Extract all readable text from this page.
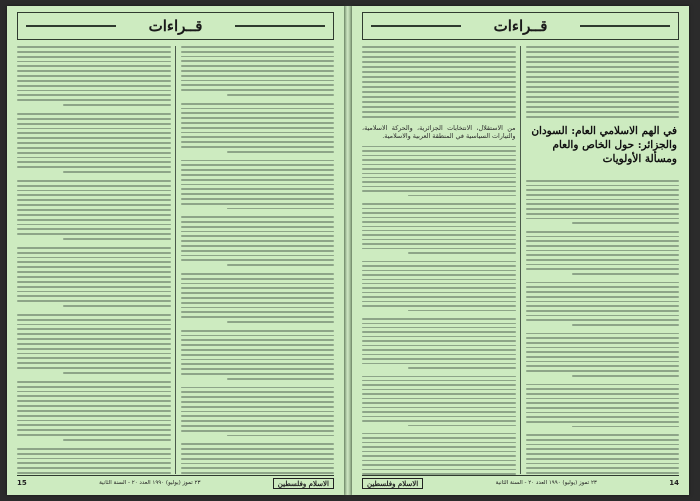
قــراءات
15	٢٣ تموز (يوليو) ١٩٩٠ العدد ٢٠ - السنة الثانية	الاسلام وفلسطين
قــراءات
في الهم الاسلامي العام: السودان والجزائر: حول الخاص والعام ومسألة الأولويات

من الاستقلال، الانتخابات الجزائرية، والحركة الاسلامية، والتيارات السياسية في المنطقة العربية والاسلامية.

الاسلام وفلسطين	٢٣ تموز (يوليو) ١٩٩٠ العدد ٢٠ - السنة الثانية	14
